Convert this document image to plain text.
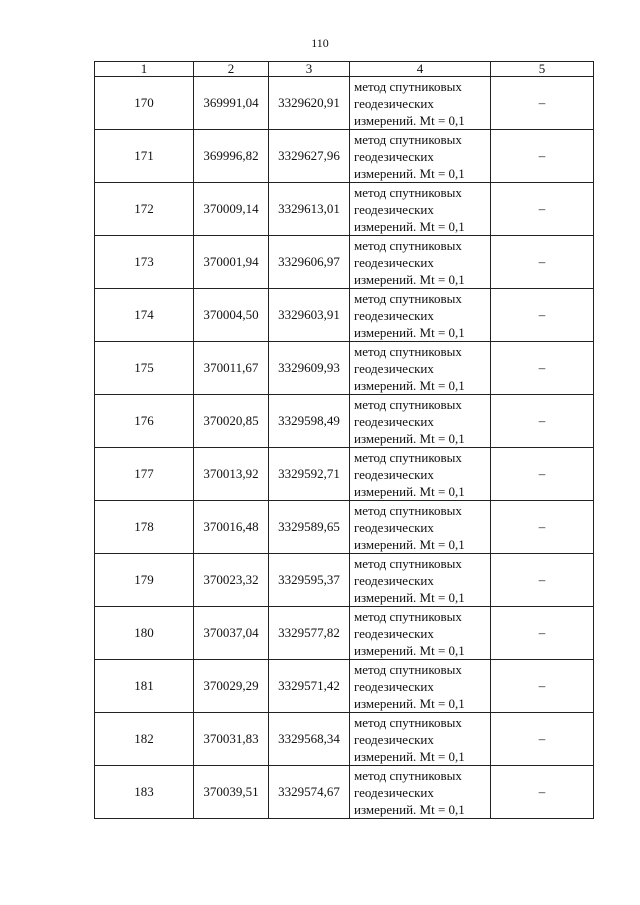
110
1	2	3	4	5
170	369991,04	3329620,91	метод спутниковых
геодезических
измерений. Mt = 0,1	–
171	369996,82	3329627,96	метод спутниковых
геодезических
измерений. Mt = 0,1	–
172	370009,14	3329613,01	метод спутниковых
геодезических
измерений. Mt = 0,1	–
173	370001,94	3329606,97	метод спутниковых
геодезических
измерений. Mt = 0,1	–
174	370004,50	3329603,91	метод спутниковых
геодезических
измерений. Mt = 0,1	–
175	370011,67	3329609,93	метод спутниковых
геодезических
измерений. Mt = 0,1	–
176	370020,85	3329598,49	метод спутниковых
геодезических
измерений. Mt = 0,1	–
177	370013,92	3329592,71	метод спутниковых
геодезических
измерений. Mt = 0,1	–
178	370016,48	3329589,65	метод спутниковых
геодезических
измерений. Mt = 0,1	–
179	370023,32	3329595,37	метод спутниковых
геодезических
измерений. Mt = 0,1	–
180	370037,04	3329577,82	метод спутниковых
геодезических
измерений. Mt = 0,1	–
181	370029,29	3329571,42	метод спутниковых
геодезических
измерений. Mt = 0,1	–
182	370031,83	3329568,34	метод спутниковых
геодезических
измерений. Mt = 0,1	–
183	370039,51	3329574,67	метод спутниковых
геодезических
измерений. Mt = 0,1	–
